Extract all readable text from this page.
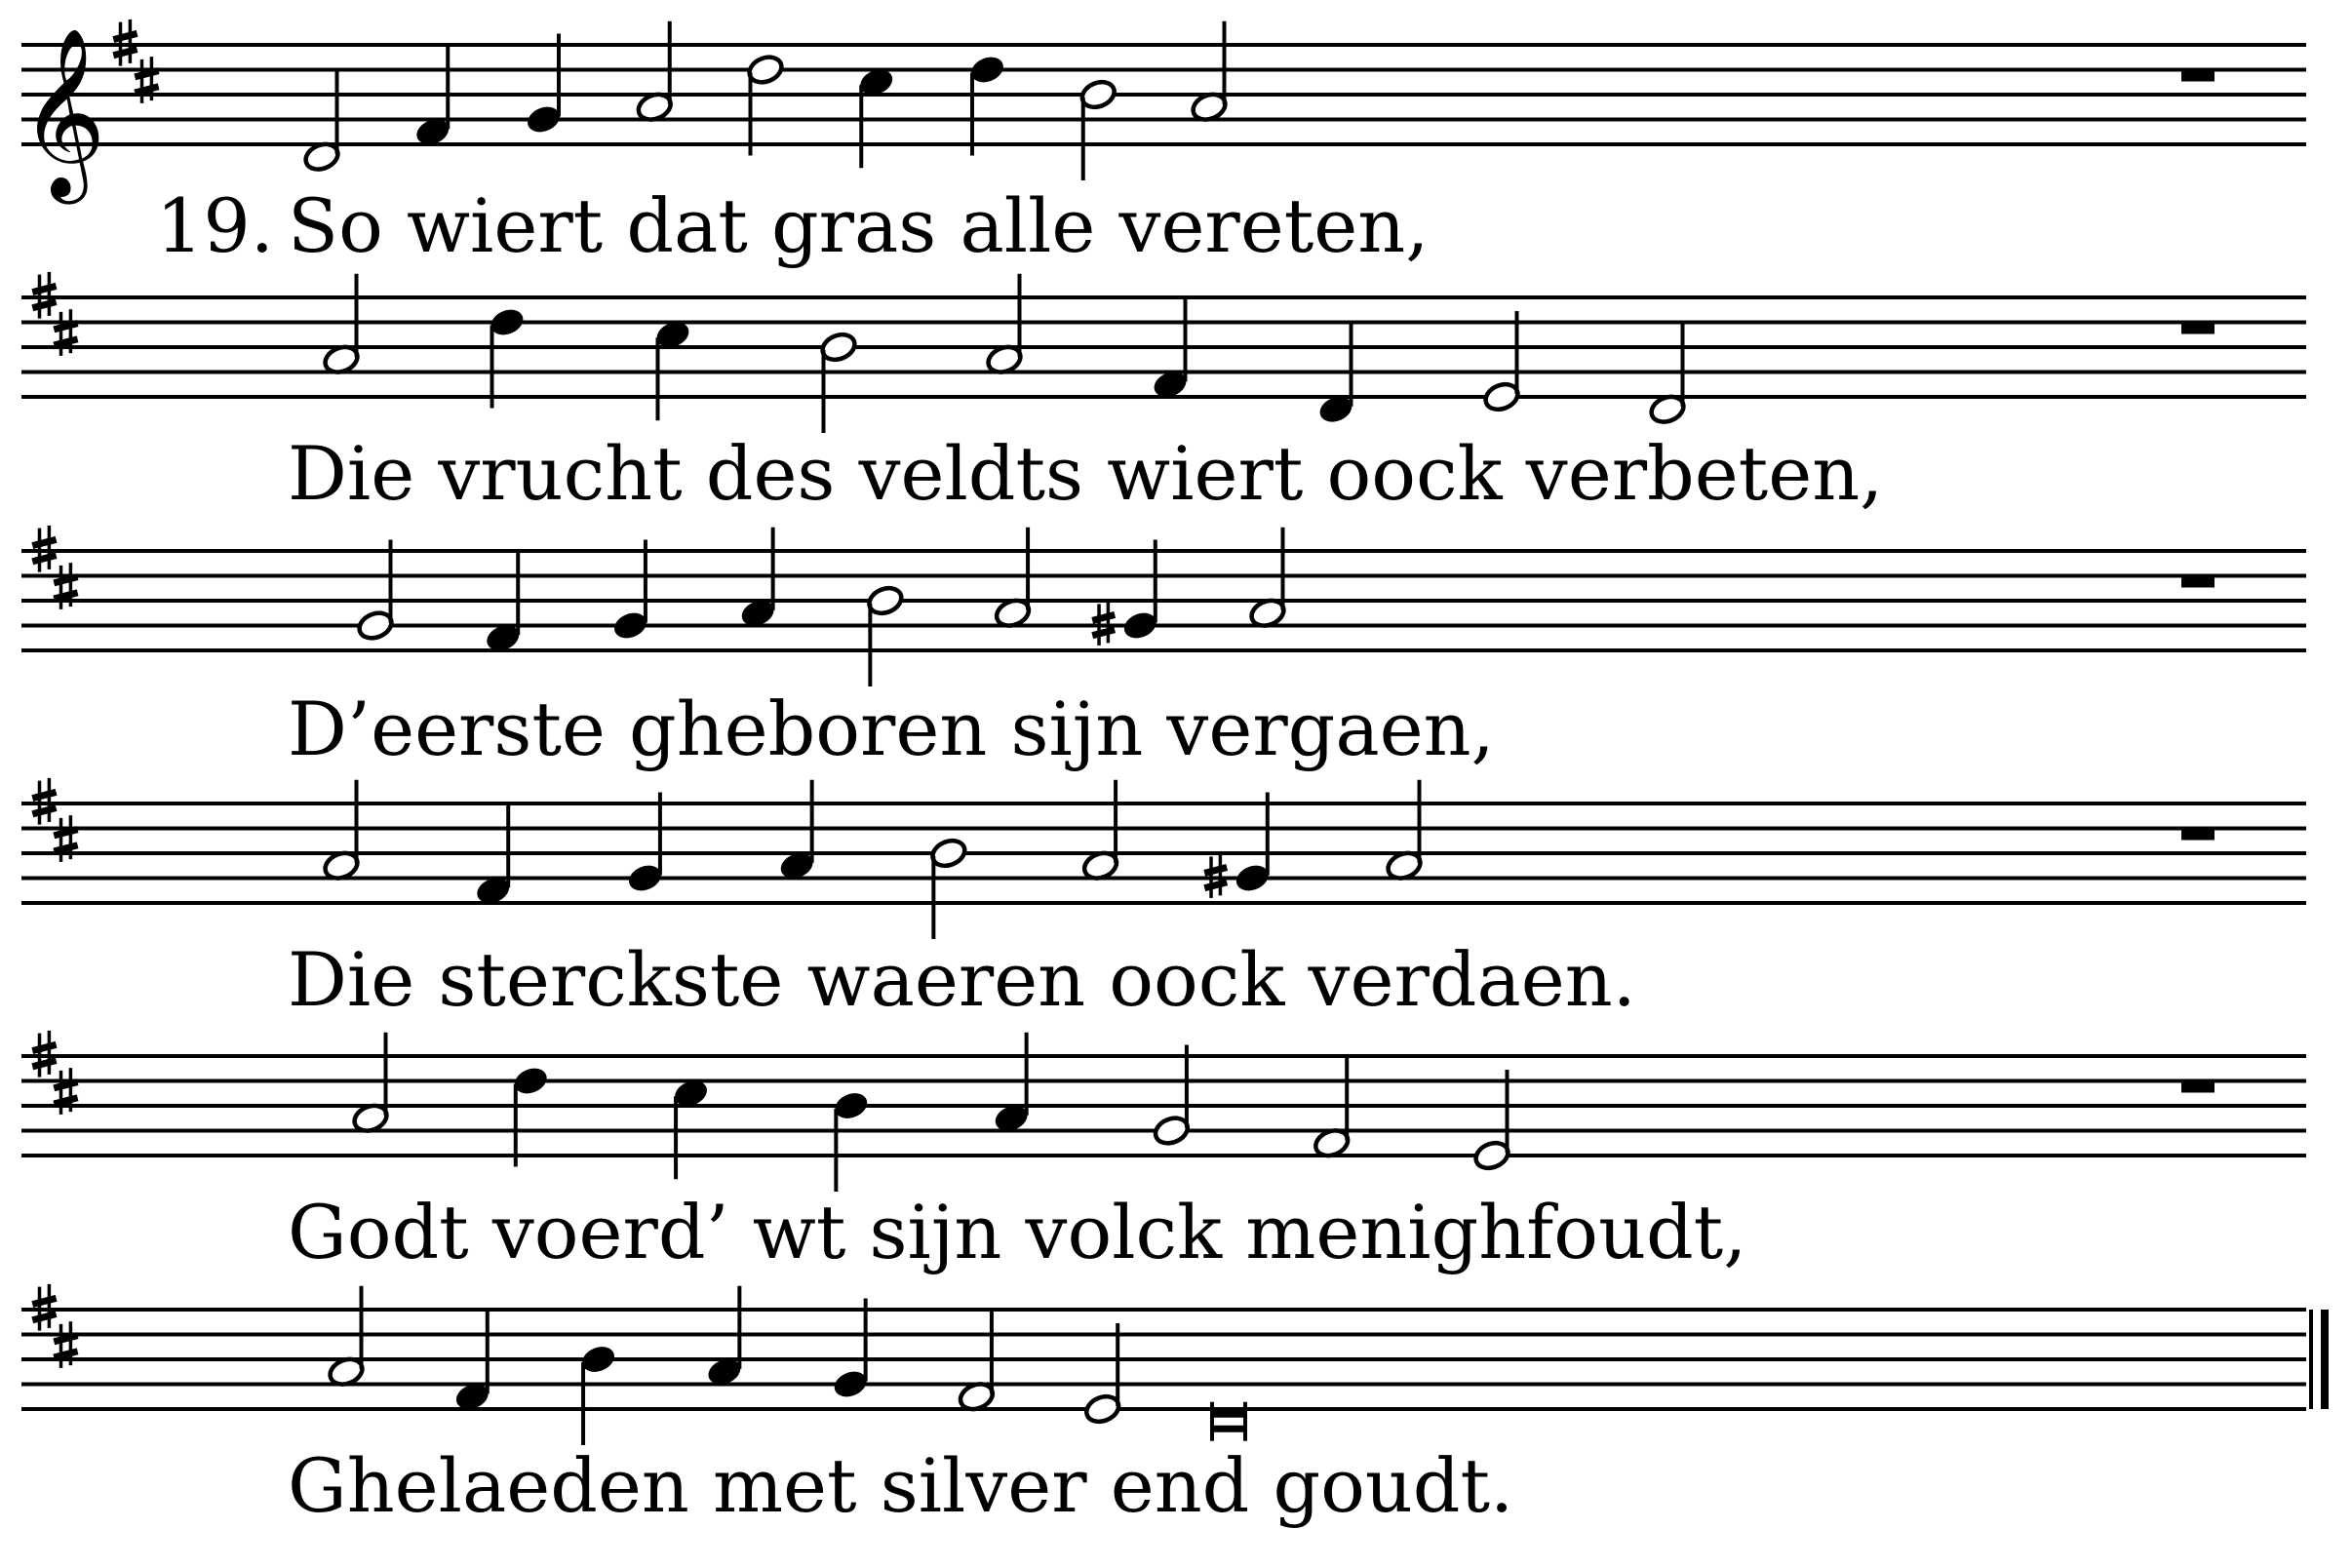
𝄞
19. So wiert dat gras alle vereten,
Die vrucht des veldts wiert oock verbeten,
D’eerste gheboren sijn vergaen,
Die sterckste waeren oock verdaen.
Godt voerd’ wt sijn volck menighfoudt,
Ghelaeden met silver end goudt.
